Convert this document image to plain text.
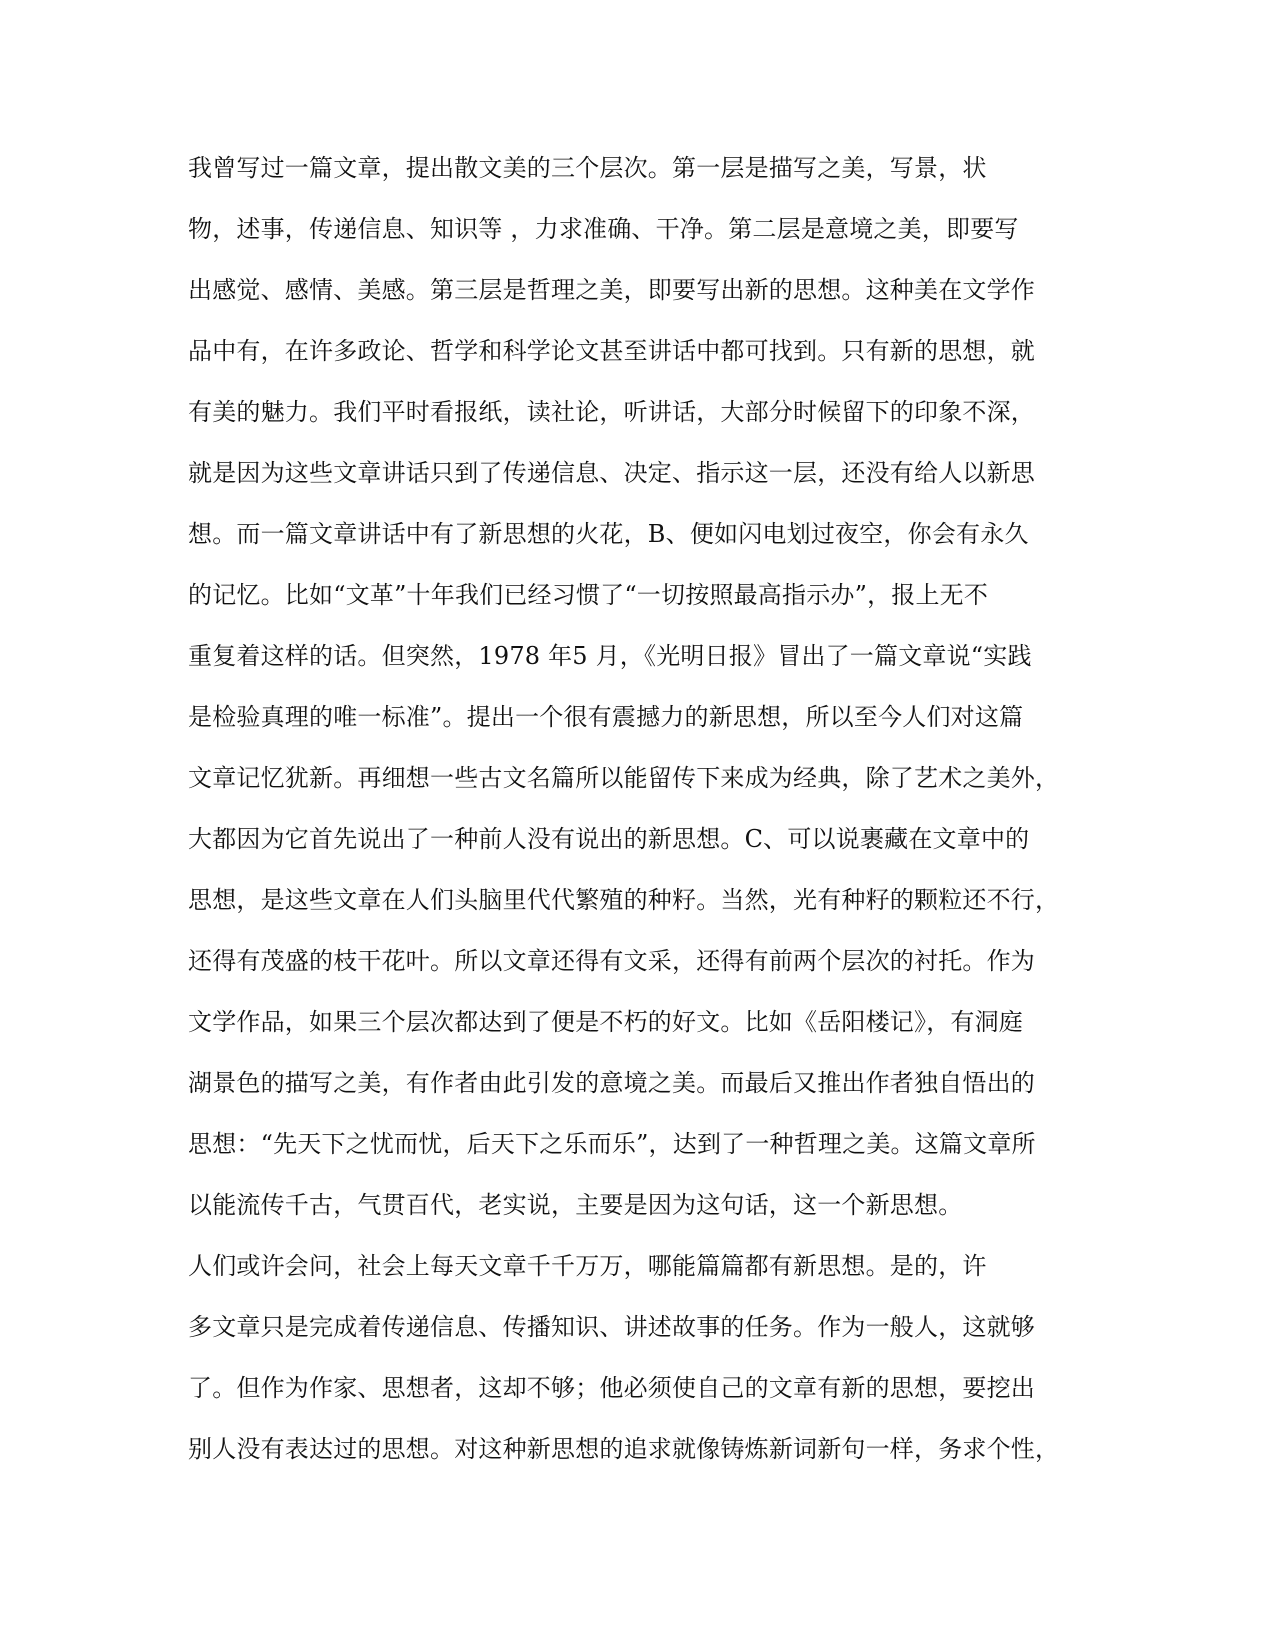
我曾写过一篇文章，提出散文美的三个层次。第一层是描写之美，写景，状
物，述事，传递信息、知识等 ，力求准确、干净。第二层是意境之美，即要写
出感觉、感情、美感。第三层是哲理之美，即要写出新的思想。这种美在文学作
品中有，在许多政论、哲学和科学论文甚至讲话中都可找到。只有新的思想，就
有美的魅力。我们平时看报纸，读社论，听讲话，大部分时候留下的印象不深，
就是因为这些文章讲话只到了传递信息、决定、指示这一层，还没有给人以新思
想。而一篇文章讲话中有了新思想的火花，B、便如闪电划过夜空，你会有永久
的记忆。比如“文革”十年我们已经习惯了“一切按照最高指示办”，报上无不
重复着这样的话。但突然，1978 年5 月，《光明日报》冒出了一篇文章说“实践
是检验真理的唯一标准”。提出一个很有震撼力的新思想，所以至今人们对这篇
文章记忆犹新。再细想一些古文名篇所以能留传下来成为经典，除了艺术之美外，
大都因为它首先说出了一种前人没有说出的新思想。C、可以说裹藏在文章中的
思想，是这些文章在人们头脑里代代繁殖的种籽。当然，光有种籽的颗粒还不行，
还得有茂盛的枝干花叶。所以文章还得有文采，还得有前两个层次的衬托。作为
文学作品，如果三个层次都达到了便是不朽的好文。比如《岳阳楼记》，有洞庭
湖景色的描写之美，有作者由此引发的意境之美。而最后又推出作者独自悟出的
思想：“先天下之忧而忧，后天下之乐而乐”，达到了一种哲理之美。这篇文章所
以能流传千古，气贯百代，老实说，主要是因为这句话，这一个新思想。
人们或许会问，社会上每天文章千千万万，哪能篇篇都有新思想。是的，许
多文章只是完成着传递信息、传播知识、讲述故事的任务。作为一般人，这就够
了。但作为作家、思想者，这却不够；他必须使自己的文章有新的思想，要挖出
别人没有表达过的思想。对这种新思想的追求就像铸炼新词新句一样，务求个性，
